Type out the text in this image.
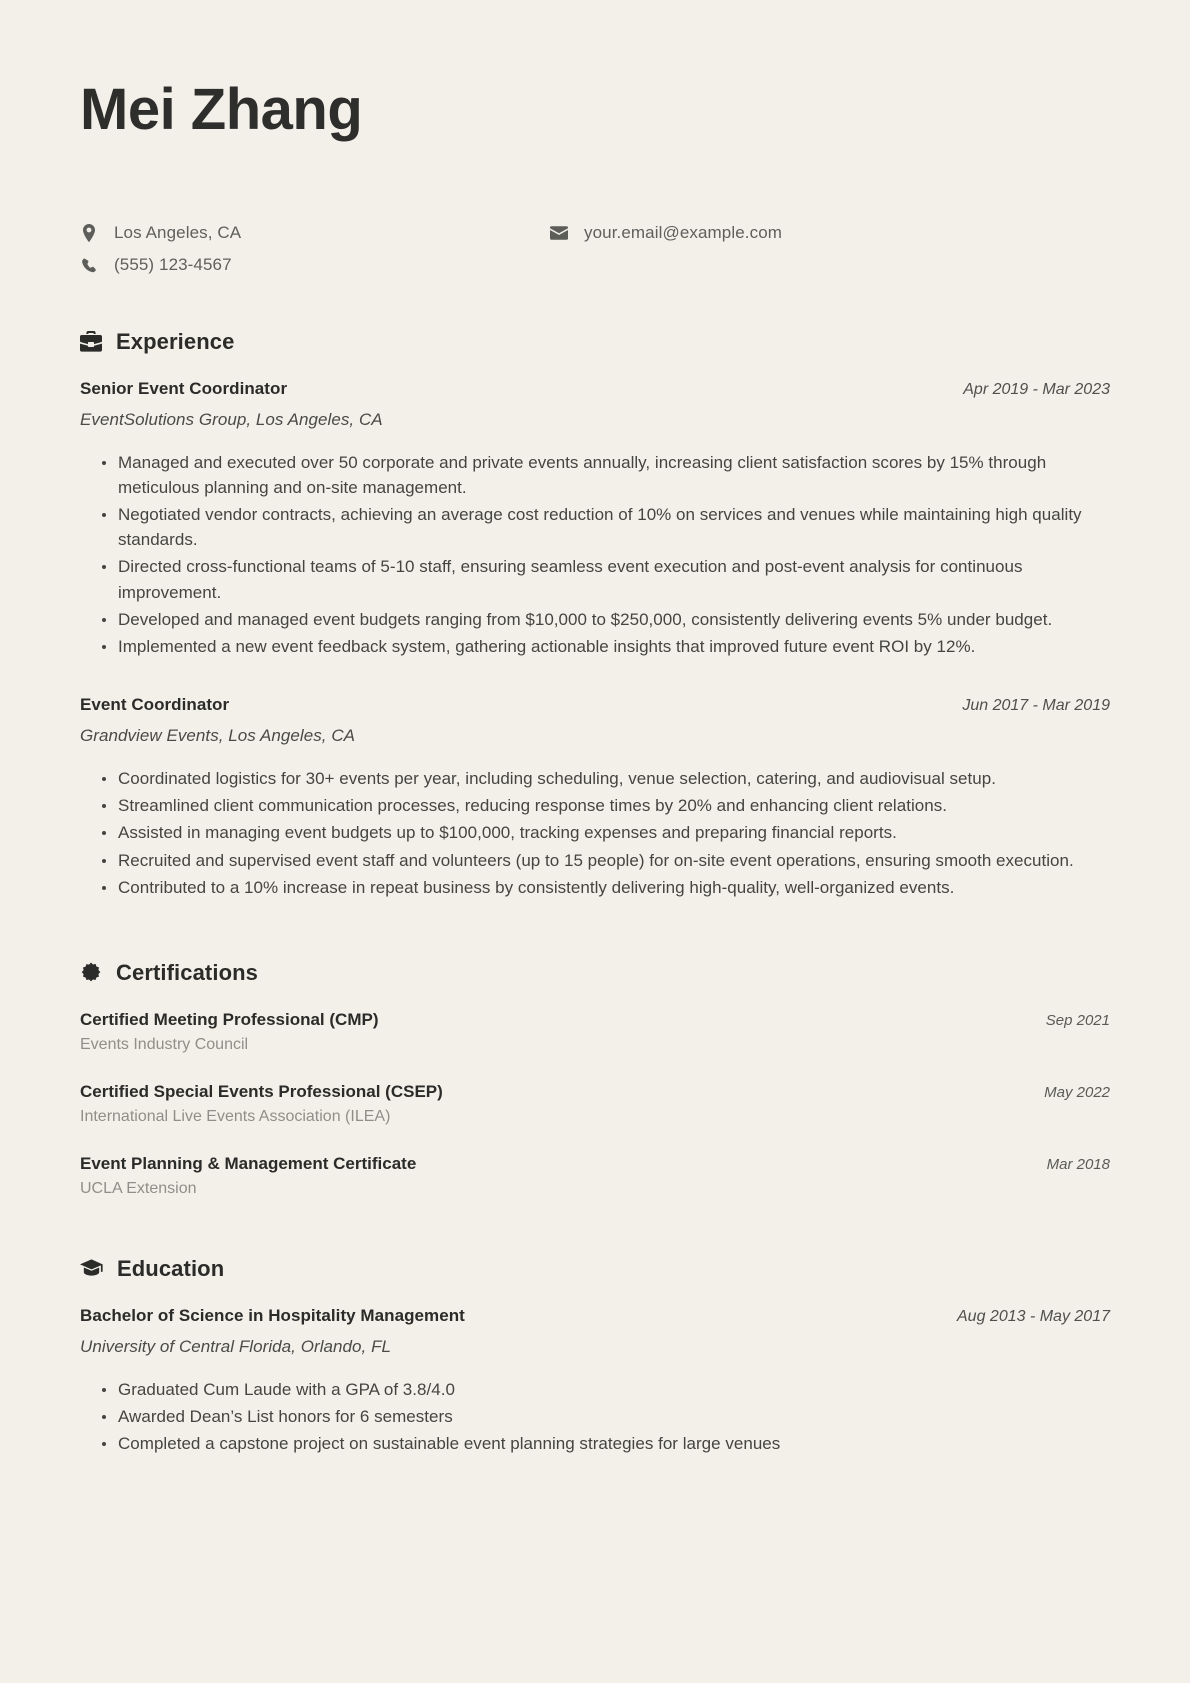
Mei Zhang
Los Angeles, CA
(555) 123-4567
your.email@example.com
Experience
Senior Event Coordinator	Apr 2019 - Mar 2023
EventSolutions Group, Los Angeles, CA
Managed and executed over 50 corporate and private events annually, increasing client satisfaction scores by 15% through meticulous planning and on-site management.
Negotiated vendor contracts, achieving an average cost reduction of 10% on services and venues while maintaining high quality standards.
Directed cross-functional teams of 5-10 staff, ensuring seamless event execution and post-event analysis for continuous improvement.
Developed and managed event budgets ranging from $10,000 to $250,000, consistently delivering events 5% under budget.
Implemented a new event feedback system, gathering actionable insights that improved future event ROI by 12%.
Event Coordinator	Jun 2017 - Mar 2019
Grandview Events, Los Angeles, CA
Coordinated logistics for 30+ events per year, including scheduling, venue selection, catering, and audiovisual setup.
Streamlined client communication processes, reducing response times by 20% and enhancing client relations.
Assisted in managing event budgets up to $100,000, tracking expenses and preparing financial reports.
Recruited and supervised event staff and volunteers (up to 15 people) for on-site event operations, ensuring smooth execution.
Contributed to a 10% increase in repeat business by consistently delivering high-quality, well-organized events.
Certifications
Certified Meeting Professional (CMP)	Sep 2021
Events Industry Council
Certified Special Events Professional (CSEP)	May 2022
International Live Events Association (ILEA)
Event Planning & Management Certificate	Mar 2018
UCLA Extension
Education
Bachelor of Science in Hospitality Management	Aug 2013 - May 2017
University of Central Florida, Orlando, FL
Graduated Cum Laude with a GPA of 3.8/4.0
Awarded Dean’s List honors for 6 semesters
Completed a capstone project on sustainable event planning strategies for large venues
